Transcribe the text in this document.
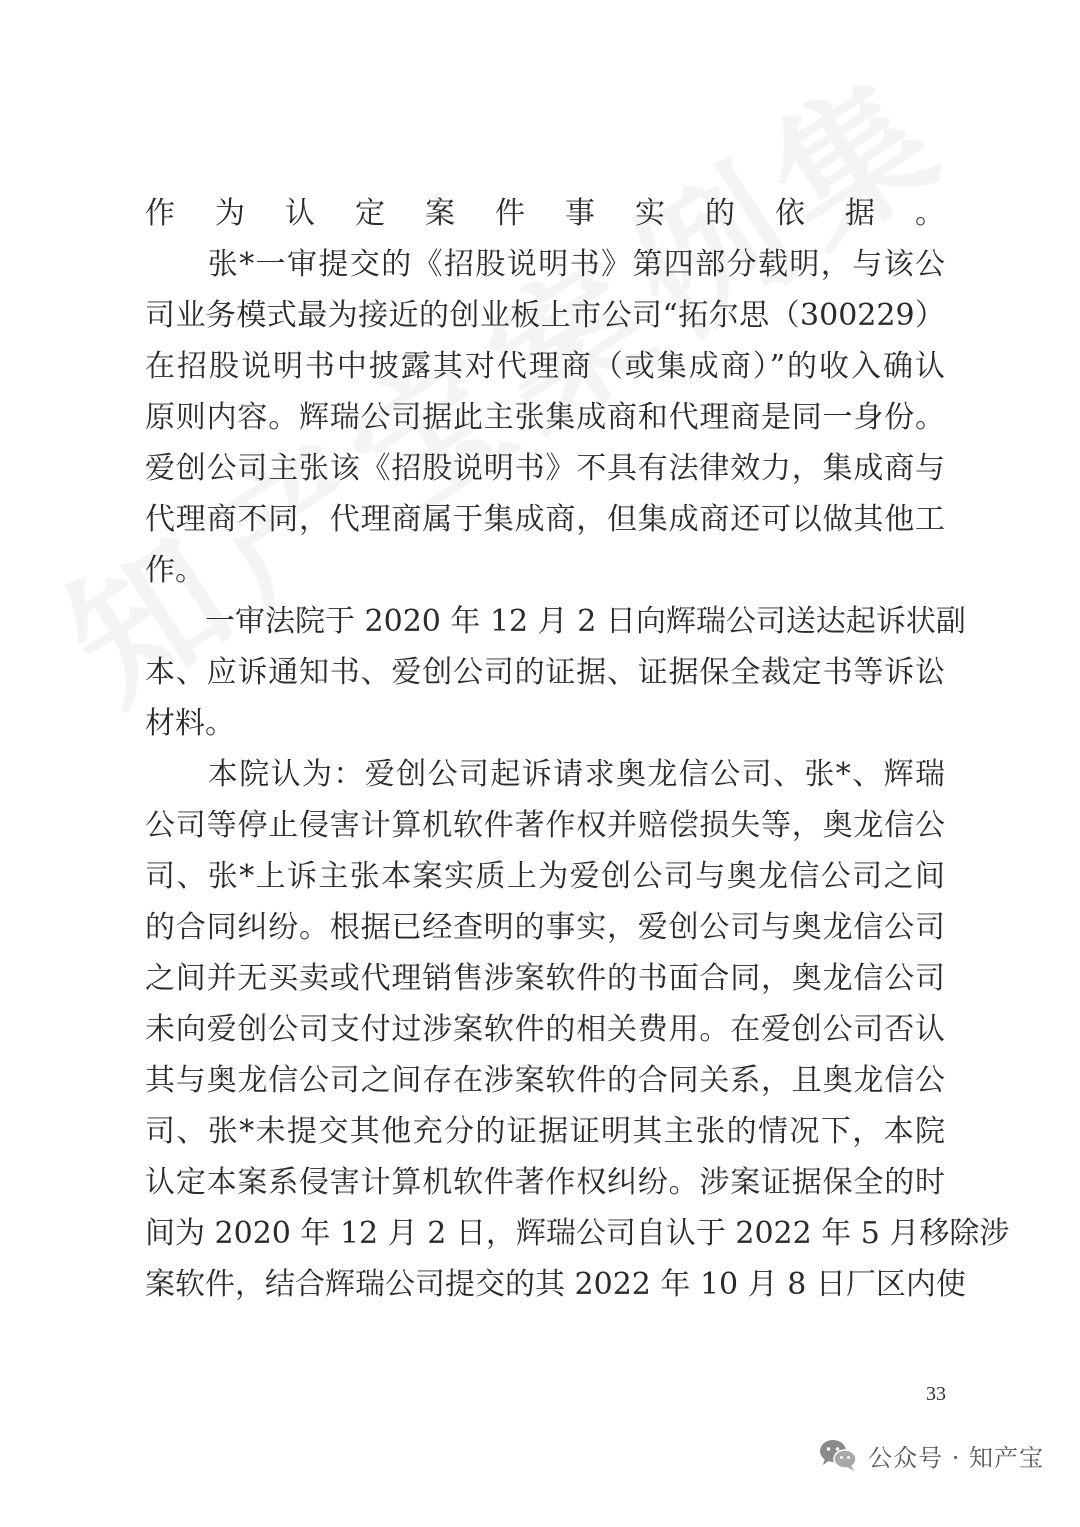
作为认定案件事实的依据。
　　张*一审提交的《招股说明书》第四部分载明，与该公
司业务模式最为接近的创业板上市公司“拓尔思（300229）
在招股说明书中披露其对代理商（或集成商）”的收入确认
原则内容。辉瑞公司据此主张集成商和代理商是同一身份。
爱创公司主张该《招股说明书》不具有法律效力，集成商与
代理商不同，代理商属于集成商，但集成商还可以做其他工
作。
　　一审法院于 2020 年 12 月 2 日向辉瑞公司送达起诉状副
本、应诉通知书、爱创公司的证据、证据保全裁定书等诉讼
材料。
　　本院认为：爱创公司起诉请求奥龙信公司、张*、辉瑞
公司等停止侵害计算机软件著作权并赔偿损失等，奥龙信公
司、张*上诉主张本案实质上为爱创公司与奥龙信公司之间
的合同纠纷。根据已经查明的事实，爱创公司与奥龙信公司
之间并无买卖或代理销售涉案软件的书面合同，奥龙信公司
未向爱创公司支付过涉案软件的相关费用。在爱创公司否认
其与奥龙信公司之间存在涉案软件的合同关系，且奥龙信公
司、张*未提交其他充分的证据证明其主张的情况下，本院
认定本案系侵害计算机软件著作权纠纷。涉案证据保全的时
间为 2020 年 12 月 2 日，辉瑞公司自认于 2022 年 5 月移除涉
案软件，结合辉瑞公司提交的其 2022 年 10 月 8 日厂区内使
33
公众号 · 知产宝
